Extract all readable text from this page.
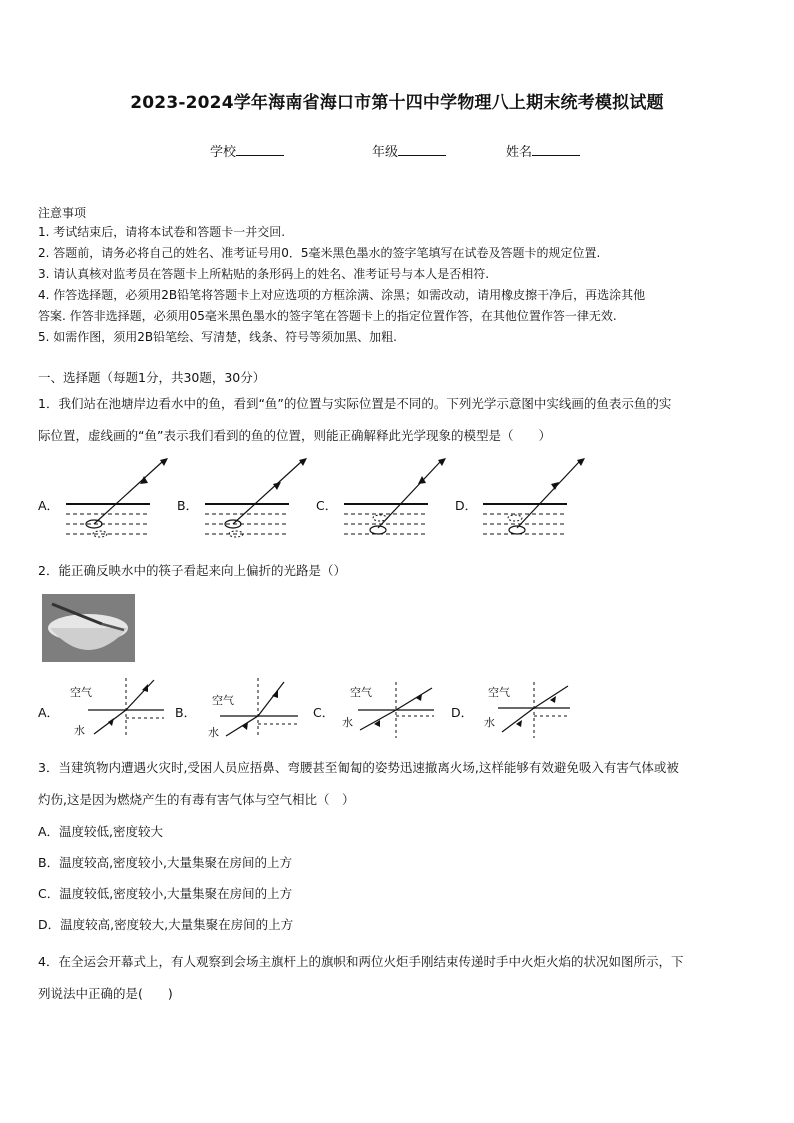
2023-2024学年海南省海口市第十四中学物理八上期末统考模拟试题
学校	年级	姓名
注意事项
1. 考试结束后，请将本试卷和答题卡一并交回.
2. 答题前，请务必将自己的姓名、准考证号用0．5毫米黑色墨水的签字笔填写在试卷及答题卡的规定位置.
3. 请认真核对监考员在答题卡上所粘贴的条形码上的姓名、准考证号与本人是否相符.
4. 作答选择题，必须用2B铅笔将答题卡上对应选项的方框涂满、涂黑；如需改动，请用橡皮擦干净后，再选涂其他
答案. 作答非选择题，必须用05毫米黑色墨水的签字笔在答题卡上的指定位置作答，在其他位置作答一律无效.
5. 如需作图，须用2B铅笔绘、写清楚，线条、符号等须加黑、加粗.
一、选择题（每题1分，共30题，30分）
1．我们站在池塘岸边看水中的鱼，看到“鱼”的位置与实际位置是不同的。下列光学示意图中实线画的鱼表示鱼的实
际位置，虚线画的“鱼”表示我们看到的鱼的位置，则能正确解释此光学现象的模型是（　　）
A．	B．	C．	D．
2．能正确反映水中的筷子看起来向上偏折的光路是（）
A．	B．	C．	D．
空气
水
空气
水
空气
水
空气
水
3．当建筑物内遭遇火灾时,受困人员应捂鼻、弯腰甚至匍匐的姿势迅速撤离火场,这样能够有效避免吸入有害气体或被
灼伤,这是因为燃烧产生的有毒有害气体与空气相比（　）
A．温度较低,密度较大
B．温度较高,密度较小,大量集聚在房间的上方
C．温度较低,密度较小,大量集聚在房间的上方
D．温度较高,密度较大,大量集聚在房间的上方
4．在全运会开幕式上，有人观察到会场主旗杆上的旗帜和两位火炬手刚结束传递时手中火炬火焰的状况如图所示，下
列说法中正确的是(　　)
